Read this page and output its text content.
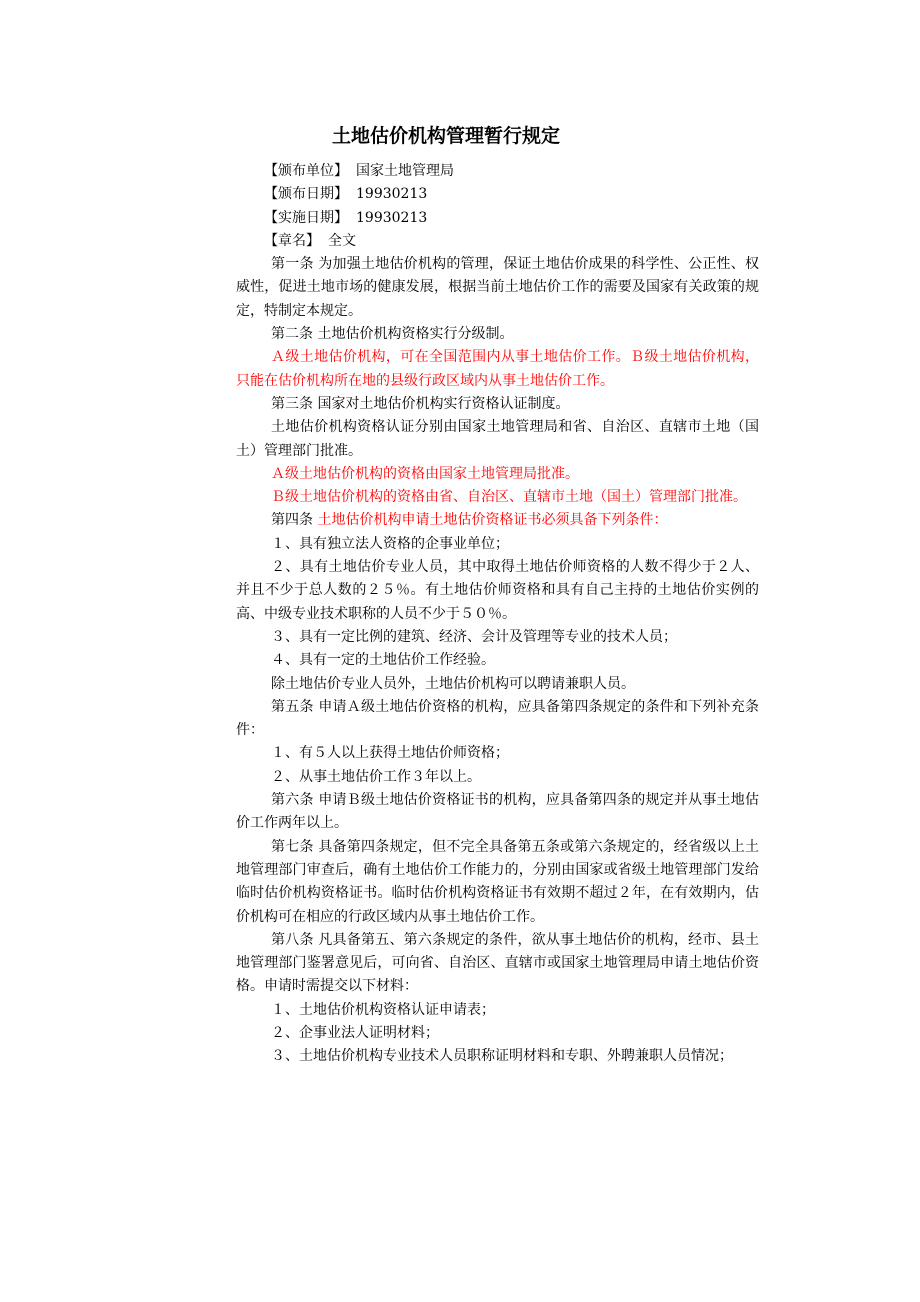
土地估价机构管理暂行规定

【颁布单位】 国家土地管理局

【颁布日期】 19930213

【实施日期】 19930213

【章名】 全文

第一条 为加强土地估价机构的管理，保证土地估价成果的科学性、公正性、权威性，促进土地市场的健康发展，根据当前土地估价工作的需要及国家有关政策的规定，特制定本规定。

第二条 土地估价机构资格实行分级制。

Ａ级土地估价机构，可在全国范围内从事土地估价工作。Ｂ级土地估价机构，只能在估价机构所在地的县级行政区域内从事土地估价工作。

第三条 国家对土地估价机构实行资格认证制度。

土地估价机构资格认证分别由国家土地管理局和省、自治区、直辖市土地（国土）管理部门批准。

Ａ级土地估价机构的资格由国家土地管理局批准。

Ｂ级土地估价机构的资格由省、自治区、直辖市土地（国土）管理部门批准。

第四条 土地估价机构申请土地估价资格证书必须具备下列条件：

１、具有独立法人资格的企事业单位；

２、具有土地估价专业人员，其中取得土地估价师资格的人数不得少于２人、并且不少于总人数的２５％。有土地估价师资格和具有自己主持的土地估价实例的高、中级专业技术职称的人员不少于５０％。

３、具有一定比例的建筑、经济、会计及管理等专业的技术人员；

４、具有一定的土地估价工作经验。

除土地估价专业人员外，土地估价机构可以聘请兼职人员。

第五条 申请Ａ级土地估价资格的机构，应具备第四条规定的条件和下列补充条件：

１、有５人以上获得土地估价师资格；

２、从事土地估价工作３年以上。

第六条 申请Ｂ级土地估价资格证书的机构，应具备第四条的规定并从事土地估价工作两年以上。

第七条 具备第四条规定，但不完全具备第五条或第六条规定的，经省级以上土地管理部门审查后，确有土地估价工作能力的，分别由国家或省级土地管理部门发给临时估价机构资格证书。临时估价机构资格证书有效期不超过２年，在有效期内，估价机构可在相应的行政区域内从事土地估价工作。

第八条 凡具备第五、第六条规定的条件，欲从事土地估价的机构，经市、县土地管理部门鉴署意见后，可向省、自治区、直辖市或国家土地管理局申请土地估价资格。申请时需提交以下材料：

１、土地估价机构资格认证申请表；

２、企事业法人证明材料；

３、土地估价机构专业技术人员职称证明材料和专职、外聘兼职人员情况；
